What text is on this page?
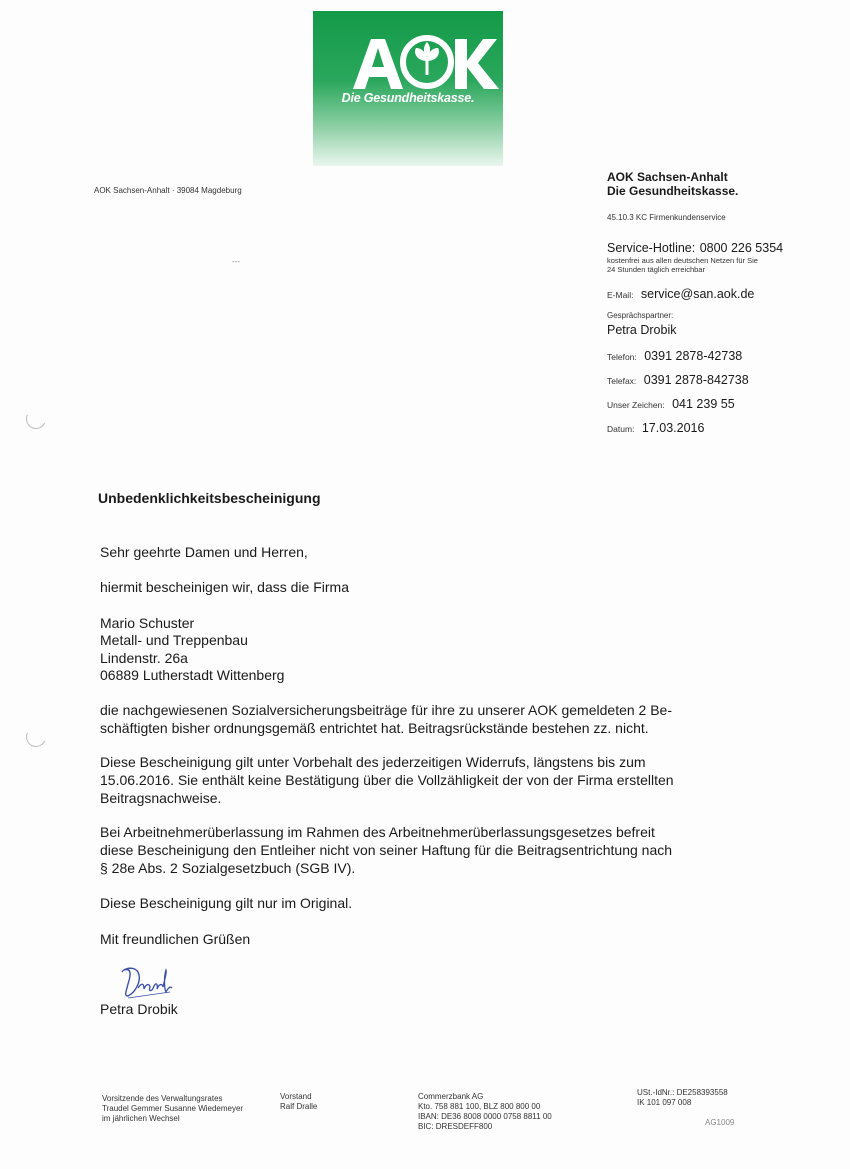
Die Gesundheitskasse.
AOK Sachsen-Anhalt · 39084 Magdeburg
---
AOK Sachsen-Anhalt
Die Gesundheitskasse.
45.10.3 KC Firmenkundenservice
Service-Hotline: 0800 226 5354
kostenfrei aus allen deutschen Netzen für Sie
24 Stunden täglich erreichbar
E-Mail: service@san.aok.de
Gesprächspartner:
Petra Drobik
Telefon: 0391 2878-42738
Telefax: 0391 2878-842738
Unser Zeichen: 041 239 55
Datum: 17.03.2016
Unbedenklichkeitsbescheinigung
Sehr geehrte Damen und Herren,
hiermit bescheinigen wir, dass die Firma
Mario Schuster
Metall- und Treppenbau
Lindenstr. 26a
06889 Lutherstadt Wittenberg
die nachgewiesenen Sozialversicherungsbeiträge für ihre zu unserer AOK gemeldeten 2 Be-
schäftigten bisher ordnungsgemäß entrichtet hat. Beitragsrückstände bestehen zz. nicht.
Diese Bescheinigung gilt unter Vorbehalt des jederzeitigen Widerrufs, längstens bis zum
15.06.2016. Sie enthält keine Bestätigung über die Vollzähligkeit der von der Firma erstellten
Beitragsnachweise.
Bei Arbeitnehmerüberlassung im Rahmen des Arbeitnehmerüberlassungsgesetzes befreit
diese Bescheinigung den Entleiher nicht von seiner Haftung für die Beitragsentrichtung nach
§ 28e Abs. 2 Sozialgesetzbuch (SGB IV).
Diese Bescheinigung gilt nur im Original.
Mit freundlichen Grüßen
Petra Drobik
Vorsitzende des Verwaltungsrates
Traudel Gemmer Susanne Wiedemeyer
im jährlichen Wechsel
Vorstand
Ralf Dralle
Commerzbank AG
Kto. 758 881 100, BLZ 800 800 00
IBAN: DE36 8008 0000 0758 8811 00
BIC: DRESDEFF800
USt.-IdNr.: DE258393558
IK 101 097 008
AG1009
